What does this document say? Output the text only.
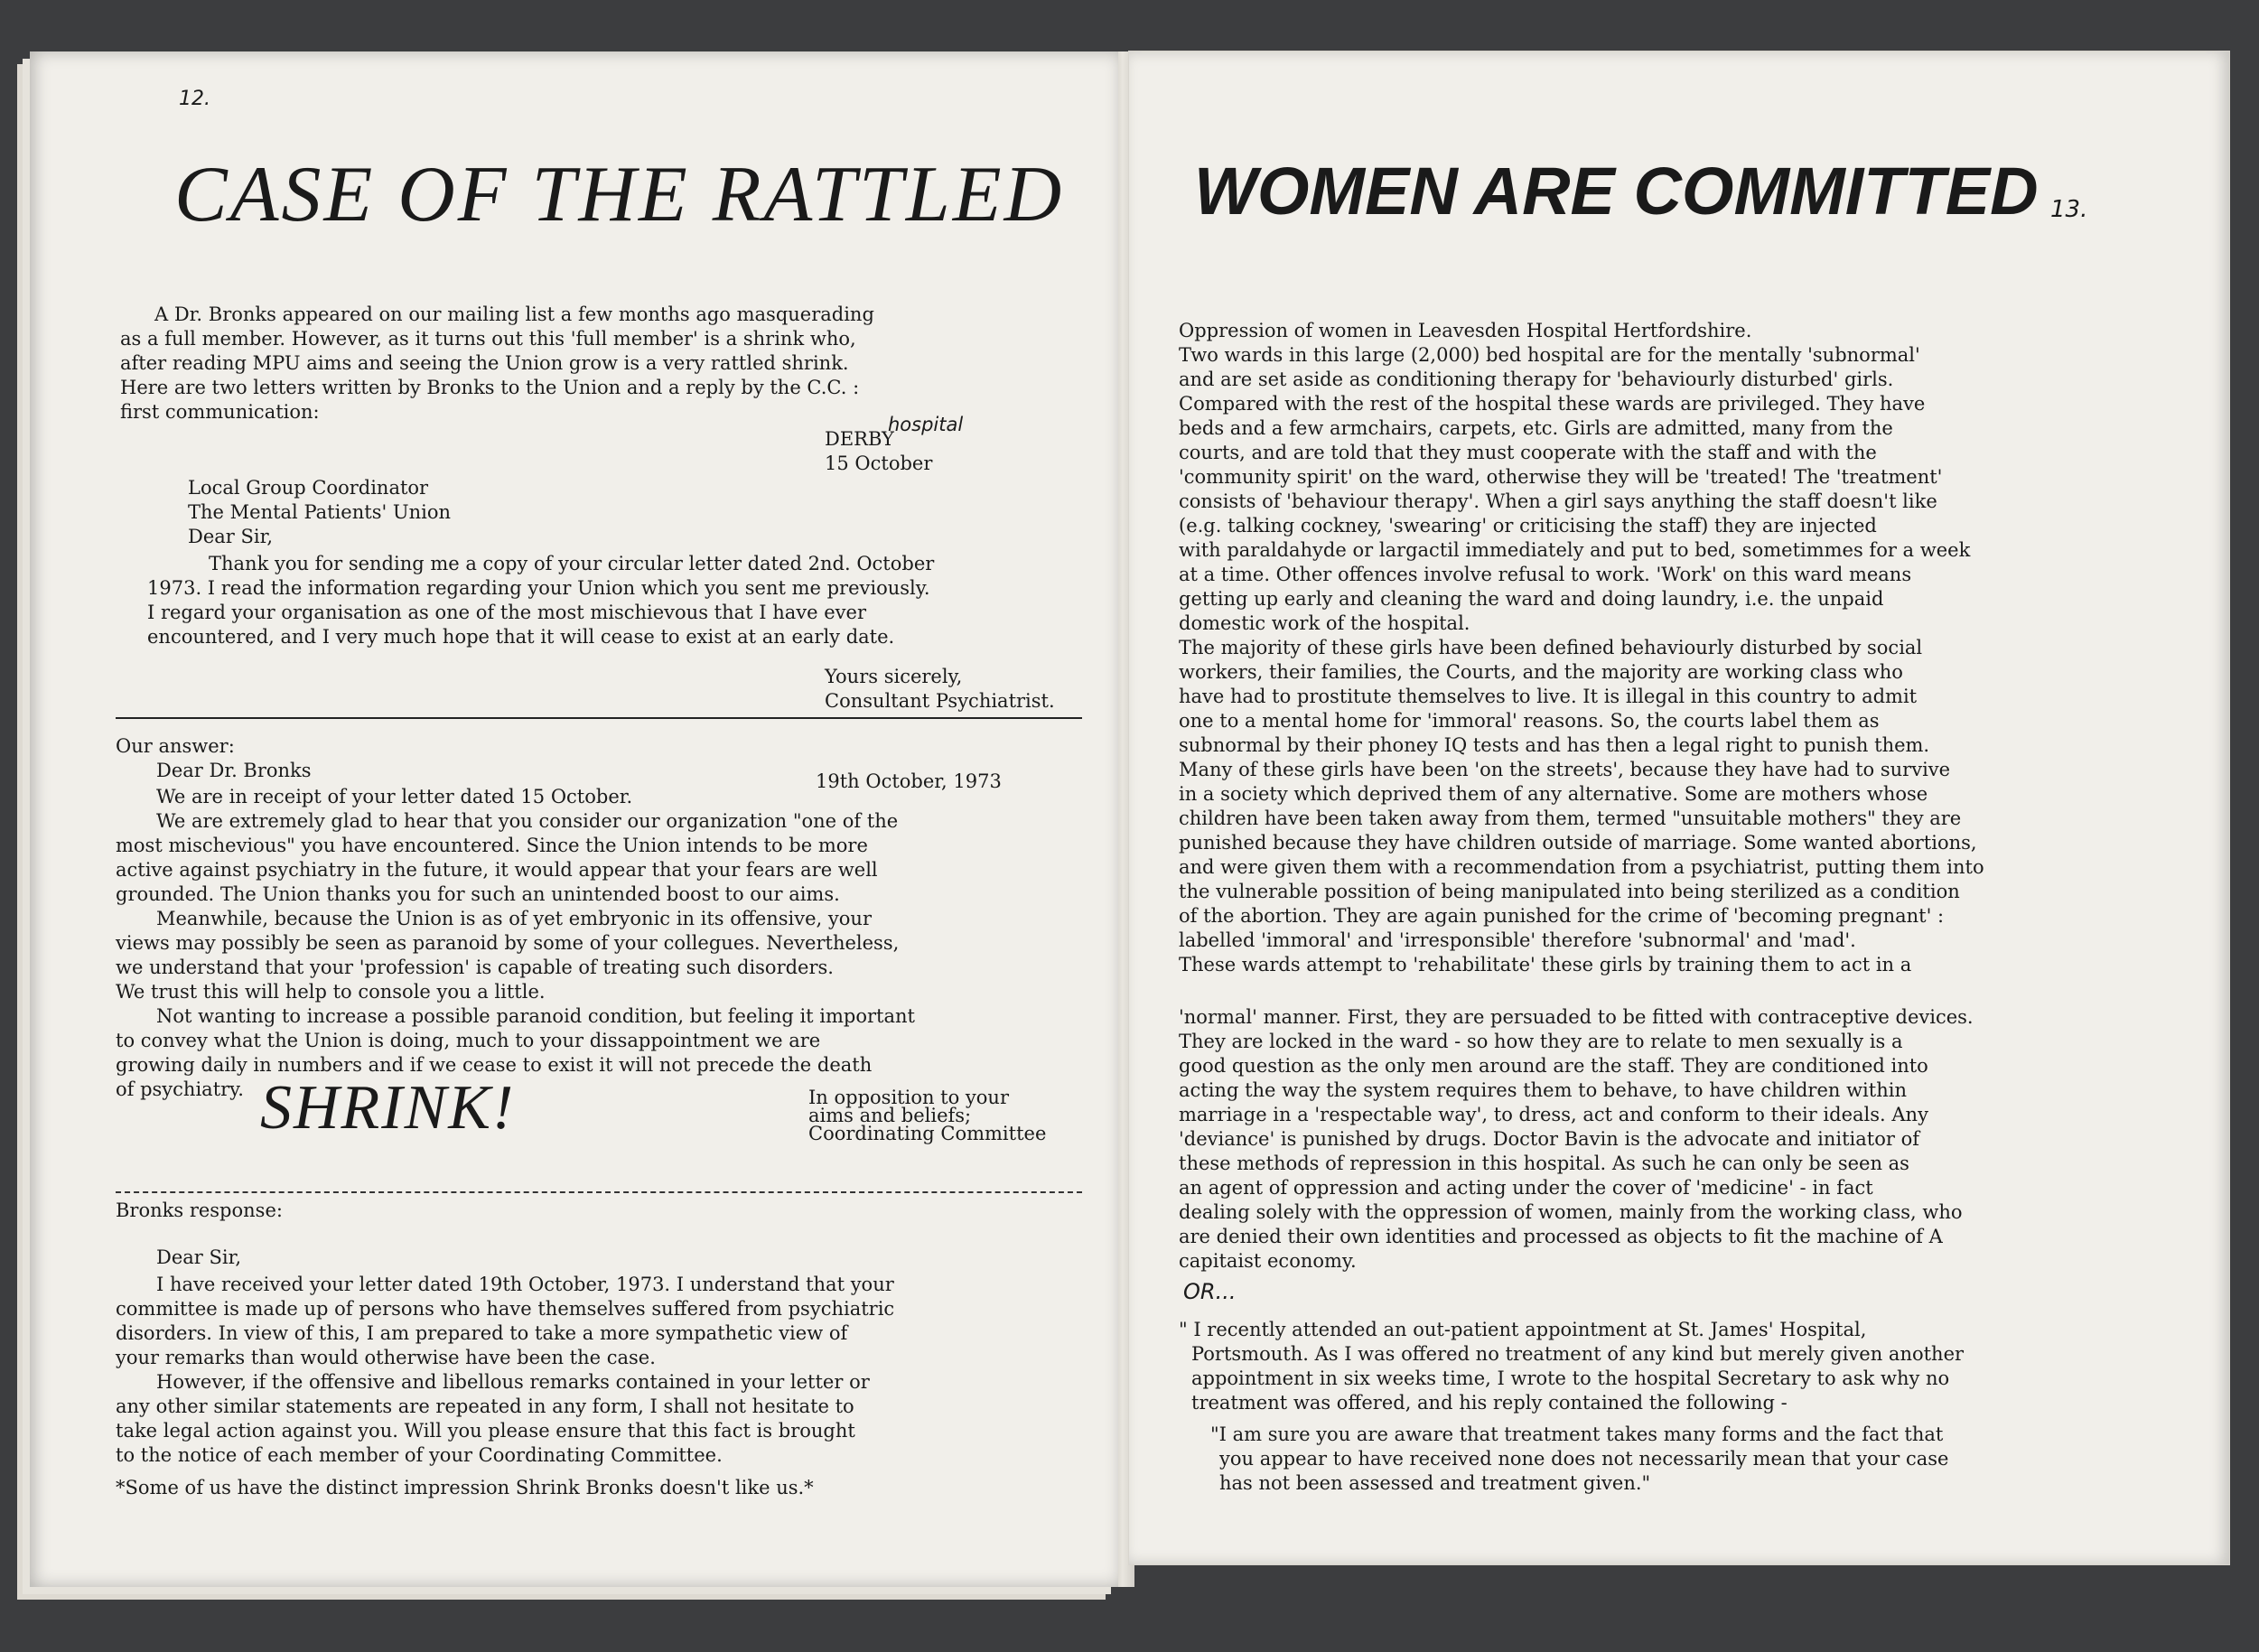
12.
CASE OF THE RATTLED
A Dr. Bronks appeared on our mailing list a few months ago masquerading
as a full member. However, as it turns out this 'full member' is a shrink who,
after reading MPU aims and seeing the Union grow is a very rattled shrink.
Here are two letters written by Bronks to the Union and a reply by the C.C. :
first communication:
hospital
DERBY
15 October
Local Group Coordinator
The Mental Patients' Union
Dear Sir,
Thank you for sending me a copy of your circular letter dated 2nd. October
1973. I read the information regarding your Union which you sent me previously.
I regard your organisation as one of the most mischievous that I have ever
encountered, and I very much hope that it will cease to exist at an early date.
Yours sicerely,
Consultant Psychiatrist.
Our answer:
Dear Dr. Bronks	19th October, 1973
We are in receipt of your letter dated 15 October.
We are extremely glad to hear that you consider our organization "one of the
most mischevious" you have encountered. Since the Union intends to be more
active against psychiatry in the future, it would appear that your fears are well
grounded. The Union thanks you for such an unintended boost to our aims.
Meanwhile, because the Union is as of yet embryonic in its offensive, your
views may possibly be seen as paranoid by some of your collegues. Nevertheless,
we understand that your 'profession' is capable of treating such disorders.
We trust this will help to console you a little.
Not wanting to increase a possible paranoid condition, but feeling it important
to convey what the Union is doing, much to your dissappointment we are
growing daily in numbers and if we cease to exist it will not precede the death
of psychiatry. SHRINK!	In opposition to your
aims and beliefs;
Coordinating Committee
Bronks response:
Dear Sir,
I have received your letter dated 19th October, 1973. I understand that your
committee is made up of persons who have themselves suffered from psychiatric
disorders. In view of this, I am prepared to take a more sympathetic view of
your remarks than would otherwise have been the case.
However, if the offensive and libellous remarks contained in your letter or
any other similar statements are repeated in any form, I shall not hesitate to
take legal action against you. Will you please ensure that this fact is brought
to the notice of each member of your Coordinating Committee.
*Some of us have the distinct impression Shrink Bronks doesn't like us.*
WOMEN ARE COMMITTED 13.
Oppression of women in Leavesden Hospital Hertfordshire.
Two wards in this large (2,000) bed hospital are for the mentally 'subnormal'
and are set aside as conditioning therapy for 'behaviourly disturbed' girls.
Compared with the rest of the hospital these wards are privileged. They have
beds and a few armchairs, carpets, etc. Girls are admitted, many from the
courts, and are told that they must cooperate with the staff and with the
'community spirit' on the ward, otherwise they will be 'treated! The 'treatment'
consists of 'behaviour therapy'. When a girl says anything the staff doesn't like
(e.g. talking cockney, 'swearing' or criticising the staff) they are injected
with paraldahyde or largactil immediately and put to bed, sometimmes for a week
at a time. Other offences involve refusal to work. 'Work' on this ward means
getting up early and cleaning the ward and doing laundry, i.e. the unpaid
domestic work of the hospital.
The majority of these girls have been defined behaviourly disturbed by social
workers, their families, the Courts, and the majority are working class who
have had to prostitute themselves to live. It is illegal in this country to admit
one to a mental home for 'immoral' reasons. So, the courts label them as
subnormal by their phoney IQ tests and has then a legal right to punish them.
Many of these girls have been 'on the streets', because they have had to survive
in a society which deprived them of any alternative. Some are mothers whose
children have been taken away from them, termed "unsuitable mothers" they are
punished because they have children outside of marriage. Some wanted abortions,
and were given them with a recommendation from a psychiatrist, putting them into
the vulnerable possition of being manipulated into being sterilized as a condition
of the abortion. They are again punished for the crime of 'becoming pregnant' :
labelled 'immoral' and 'irresponsible' therefore 'subnormal' and 'mad'.
These wards attempt to 'rehabilitate' these girls by training them to act in a
'normal' manner. First, they are persuaded to be fitted with contraceptive devices.
They are locked in the ward - so how they are to relate to men sexually is a
good question as the only men around are the staff. They are conditioned into
acting the way the system requires them to behave, to have children within
marriage in a 'respectable way', to dress, act and conform to their ideals. Any
'deviance' is punished by drugs. Doctor Bavin is the advocate and initiator of
these methods of repression in this hospital. As such he can only be seen as
an agent of oppression and acting under the cover of 'medicine' - in fact
dealing solely with the oppression of women, mainly from the working class, who
are denied their own identities and processed as objects to fit the machine of A
capitaist economy.
OR...
" I recently attended an out-patient appointment at St. James' Hospital,
Portsmouth. As I was offered no treatment of any kind but merely given another
appointment in six weeks time, I wrote to the hospital Secretary to ask why no
treatment was offered, and his reply contained the following -
"I am sure you are aware that treatment takes many forms and the fact that
you appear to have received none does not necessarily mean that your case
has not been assessed and treatment given."
